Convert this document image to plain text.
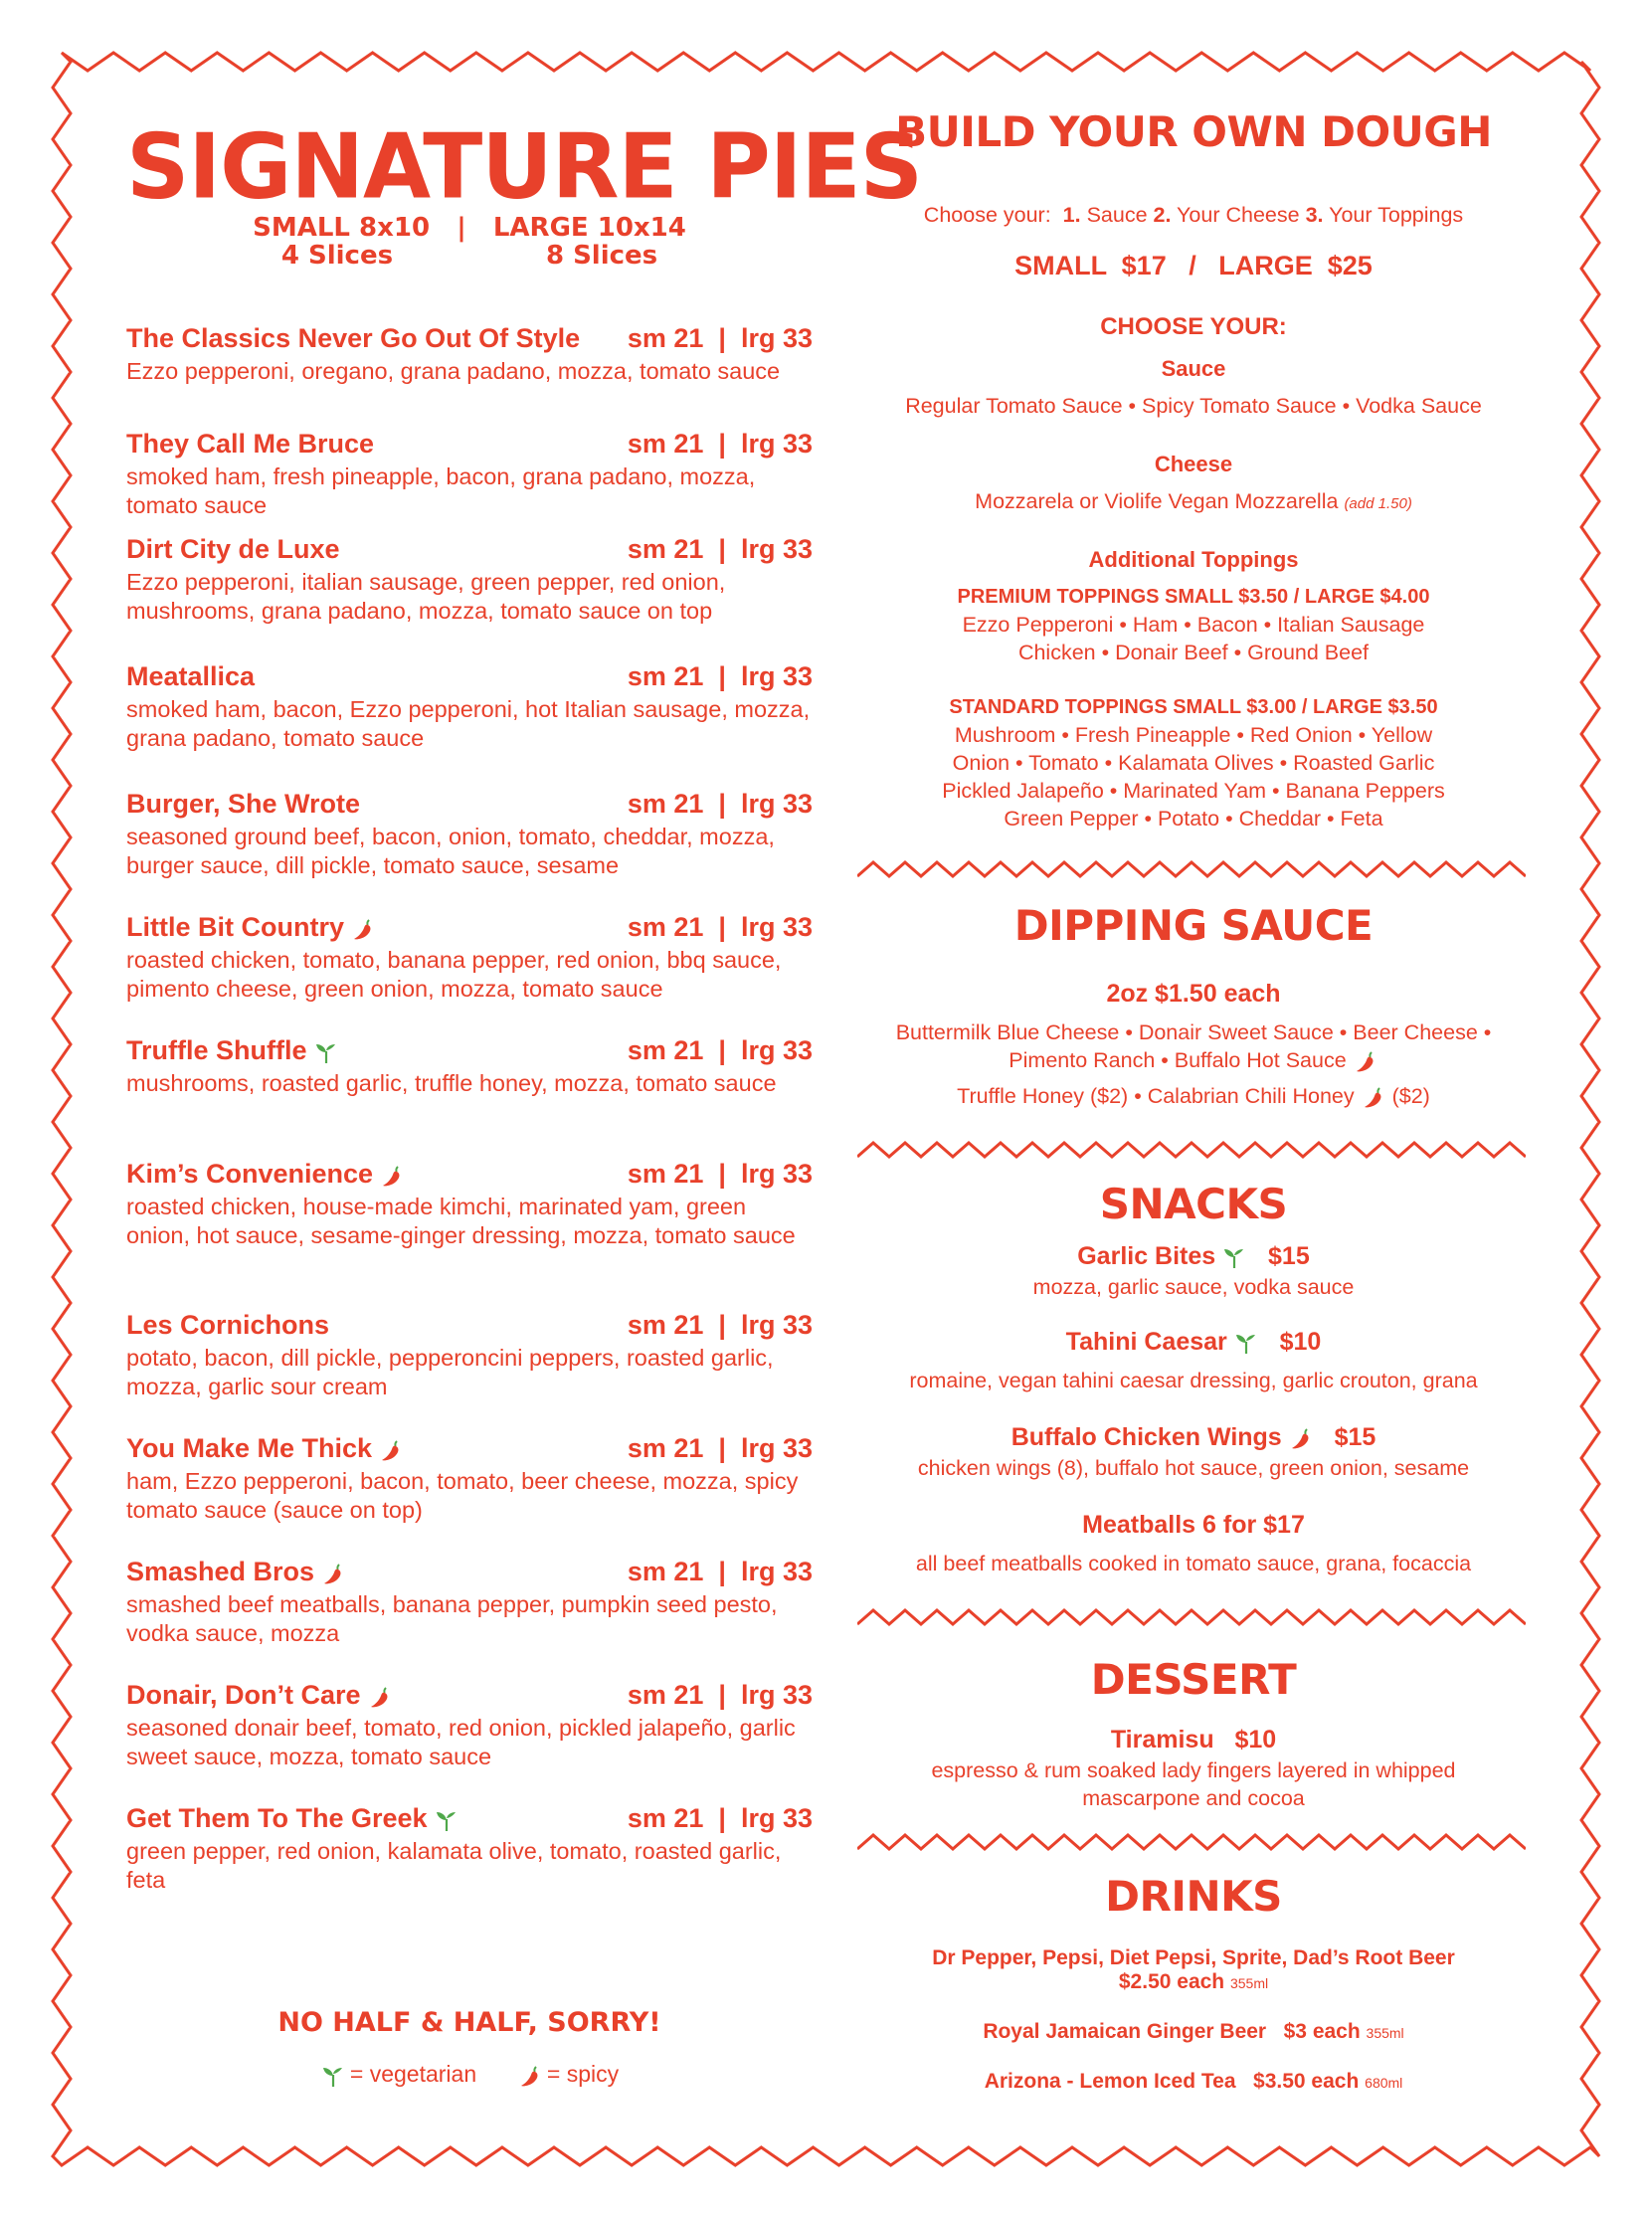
SIGNATURE PIES
SMALL 8x10   |   LARGE 10x14
4 Slices                 8 Slices
The Classics Never Go Out Of Style sm 21  |  lrg 33
Ezzo pepperoni, oregano, grana padano, mozza, tomato sauce
They Call Me Bruce	sm 21  |  lrg 33
smoked ham, fresh pineapple, bacon, grana padano, mozza, tomato sauce
Dirt City de Luxe	sm 21  |  lrg 33
Ezzo pepperoni, italian sausage, green pepper, red onion, mushrooms, grana padano, mozza, tomato sauce on top
Meatallica	sm 21  |  lrg 33
smoked ham, bacon, Ezzo pepperoni, hot Italian sausage, mozza, grana padano, tomato sauce
Burger, She Wrote	sm 21  |  lrg 33
seasoned ground beef, bacon, onion, tomato, cheddar, mozza, burger sauce, dill pickle, tomato sauce, sesame
Little Bit Country	sm 21  |  lrg 33
roasted chicken, tomato, banana pepper, red onion, bbq sauce, pimento cheese, green onion, mozza, tomato sauce
Truffle Shuffle	sm 21  |  lrg 33
mushrooms, roasted garlic, truffle honey, mozza, tomato sauce
Kim’s Convenience	sm 21  |  lrg 33
roasted chicken, house-made kimchi, marinated yam, green onion, hot sauce, sesame-ginger dressing, mozza, tomato sauce
Les Cornichons	sm 21  |  lrg 33
potato, bacon, dill pickle, pepperoncini peppers, roasted garlic, mozza, garlic sour cream
You Make Me Thick	sm 21  |  lrg 33
ham, Ezzo pepperoni, bacon, tomato, beer cheese, mozza, spicy tomato sauce (sauce on top)
Smashed Bros	sm 21  |  lrg 33
smashed beef meatballs, banana pepper, pumpkin seed pesto, vodka sauce, mozza
Donair, Don’t Care	sm 21  |  lrg 33
seasoned donair beef, tomato, red onion, pickled jalapeño, garlic sweet sauce, mozza, tomato sauce
Get Them To The Greek	sm 21  |  lrg 33
green pepper, red onion, kalamata olive, tomato, roasted garlic, feta
NO HALF & HALF, SORRY!
= vegetarian	= spicy
BUILD YOUR OWN DOUGH
Choose your: 1. Sauce 2. Your Cheese 3. Your Toppings
SMALL  $17 / LARGE  $25
CHOOSE YOUR:
Sauce
Regular Tomato Sauce • Spicy Tomato Sauce • Vodka Sauce
Cheese
Mozzarela or Violife Vegan Mozzarella (add 1.50)
Additional Toppings
PREMIUM TOPPINGS SMALL $3.50 / LARGE $4.00
Ezzo Pepperoni • Ham • Bacon • Italian Sausage
Chicken • Donair Beef • Ground Beef
STANDARD TOPPINGS SMALL $3.00 / LARGE $3.50
Mushroom • Fresh Pineapple • Red Onion • Yellow
Onion • Tomato • Kalamata Olives • Roasted Garlic
Pickled Jalapeño • Marinated Yam • Banana Peppers
Green Pepper • Potato • Cheddar • Feta
DIPPING SAUCE
2oz $1.50 each
Buttermilk Blue Cheese • Donair Sweet Sauce • Beer Cheese •
Pimento Ranch • Buffalo Hot Sauce
Truffle Honey ($2) • Calabrian Chili Honey ($2)
SNACKS
Garlic Bites $15
mozza, garlic sauce, vodka sauce
Tahini Caesar $10
romaine, vegan tahini caesar dressing, garlic crouton, grana
Buffalo Chicken Wings $15
chicken wings (8), buffalo hot sauce, green onion, sesame
Meatballs 6 for $17
all beef meatballs cooked in tomato sauce, grana, focaccia
DESSERT
Tiramisu $10
espresso & rum soaked lady fingers layered in whipped
mascarpone and cocoa
DRINKS
Dr Pepper, Pepsi, Diet Pepsi, Sprite, Dad’s Root Beer
$2.50 each 355ml
Royal Jamaican Ginger Beer $3 each 355ml
Arizona - Lemon Iced Tea $3.50 each 680ml
